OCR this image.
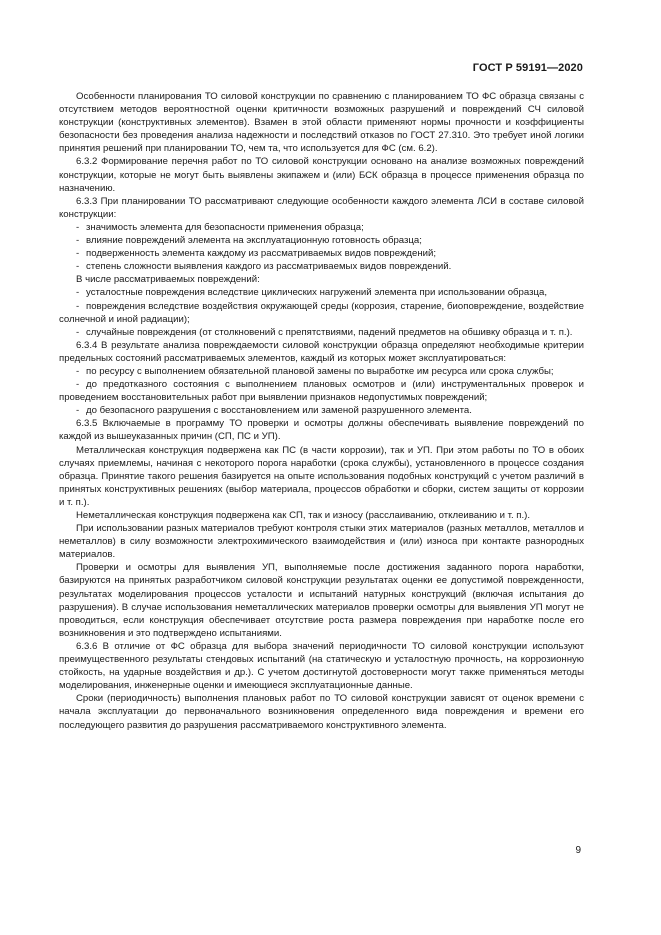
ГОСТ Р 59191—2020

Особенности планирования ТО силовой конструкции по сравнению с планированием ТО ФС образца связаны с отсутствием методов вероятностной оценки критичности возможных разрушений и повреждений СЧ силовой конструкции (конструктивных элементов). Взамен в этой области применяют нормы прочности и коэффициенты безопасности без проведения анализа надежности и последствий отказов по ГОСТ 27.310. Это требует иной логики принятия решений при планировании ТО, чем та, что используется для ФС (см. 6.2).

6.3.2 Формирование перечня работ по ТО силовой конструкции основано на анализе возможных повреждений конструкции, которые не могут быть выявлены экипажем и (или) БСК образца в процессе применения образца по назначению.

6.3.3 При планировании ТО рассматривают следующие особенности каждого элемента ЛСИ в составе силовой конструкции:

- значимость элемента для безопасности применения образца;

- влияние повреждений элемента на эксплуатационную готовность образца;

- подверженность элемента каждому из рассматриваемых видов повреждений;

- степень сложности выявления каждого из рассматриваемых видов повреждений.

В числе рассматриваемых повреждений:

- усталостные повреждения вследствие циклических нагружений элемента при использовании образца,

- повреждения вследствие воздействия окружающей среды (коррозия, старение, биоповреждение, воздействие солнечной и иной радиации);

- случайные повреждения (от столкновений с препятствиями, падений предметов на обшивку образца и т. п.).

6.3.4 В результате анализа повреждаемости силовой конструкции образца определяют необходимые критерии предельных состояний рассматриваемых элементов, каждый из которых может эксплуатироваться:

- по ресурсу с выполнением обязательной плановой замены по выработке им ресурса или срока службы;

- до предотказного состояния с выполнением плановых осмотров и (или) инструментальных проверок и проведением восстановительных работ при выявлении признаков недопустимых повреждений;

- до безопасного разрушения с восстановлением или заменой разрушенного элемента.

6.3.5 Включаемые в программу ТО проверки и осмотры должны обеспечивать выявление повреждений по каждой из вышеуказанных причин (СП, ПС и УП).

Металлическая конструкция подвержена как ПС (в части коррозии), так и УП. При этом работы по ТО в обоих случаях приемлемы, начиная с некоторого порога наработки (срока службы), установленного в процессе создания образца. Принятие такого решения базируется на опыте использования подобных конструкций с учетом различий в принятых конструктивных решениях (выбор материала, процессов обработки и сборки, систем защиты от коррозии и т. п.).

Неметаллическая конструкция подвержена как СП, так и износу (расслаиванию, отклеиванию и т. п.).

При использовании разных материалов требуют контроля стыки этих материалов (разных металлов, металлов и неметаллов) в силу возможности электрохимического взаимодействия и (или) износа при контакте разнородных материалов.

Проверки и осмотры для выявления УП, выполняемые после достижения заданного порога наработки, базируются на принятых разработчиком силовой конструкции результатах оценки ее допустимой поврежденности, результатах моделирования процессов усталости и испытаний натурных конструкций (включая испытания до разрушения). В случае использования неметаллических материалов проверки осмотры для выявления УП могут не проводиться, если конструкция обеспечивает отсутствие роста размера повреждения при наработке после его возникновения и это подтверждено испытаниями.

6.3.6 В отличие от ФС образца для выбора значений периодичности ТО силовой конструкции используют преимущественного результаты стендовых испытаний (на статическую и усталостную прочность, на коррозионную стойкость, на ударные воздействия и др.). С учетом достигнутой достоверности могут также применяться методы моделирования, инженерные оценки и имеющиеся эксплуатационные данные.

Сроки (периодичность) выполнения плановых работ по ТО силовой конструкции зависят от оценок времени с начала эксплуатации до первоначального возникновения определенного вида повреждения и времени его последующего развития до разрушения рассматриваемого конструктивного элемента.

9
